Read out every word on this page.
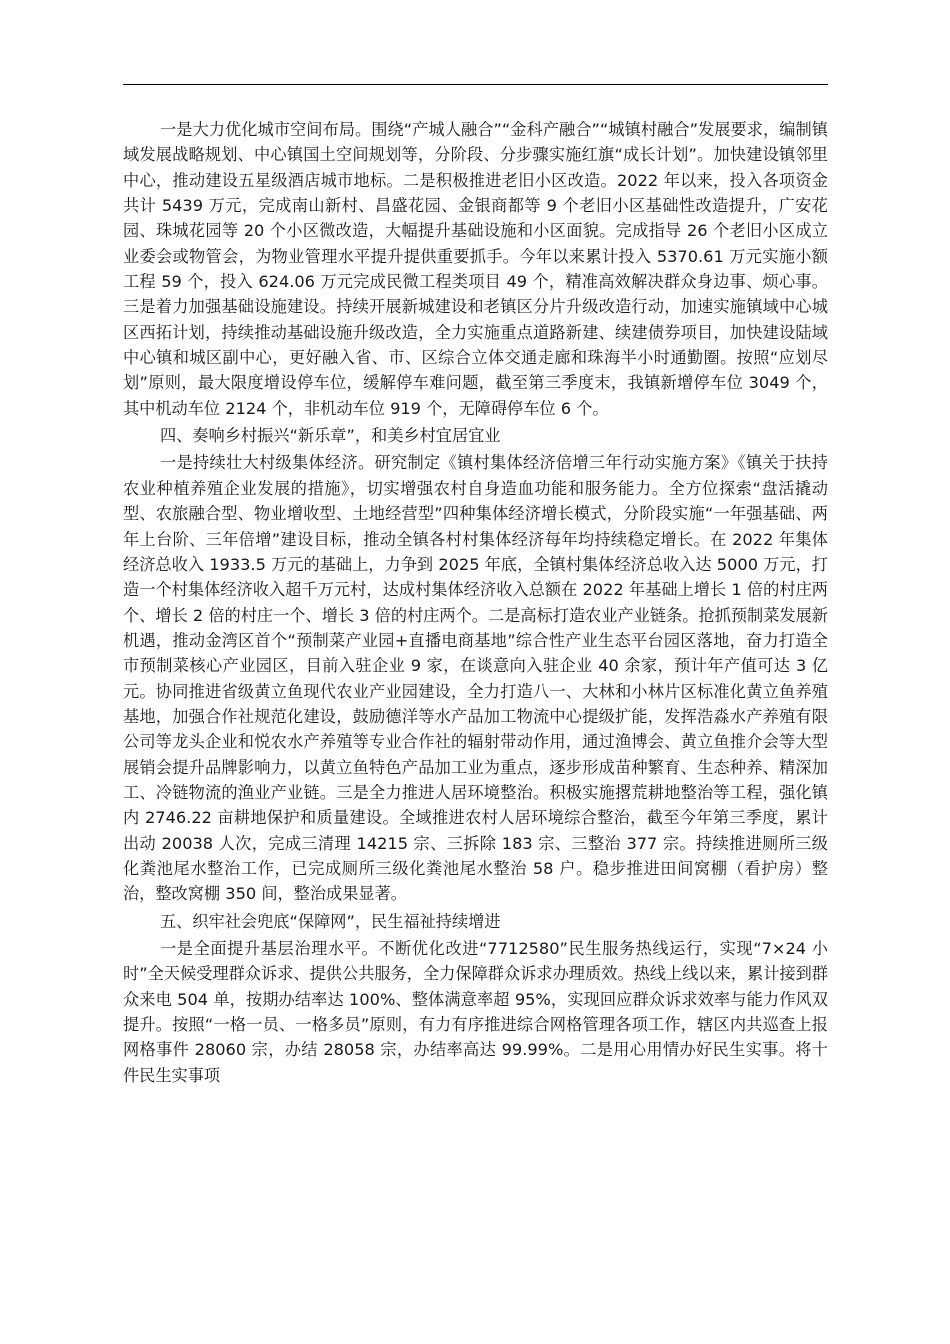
一是大力优化城市空间布局。围绕“产城人融合”“金科产融合”“城镇村融合”发展要求，编制镇域发展战略规划、中心镇国土空间规划等，分阶段、分步骤实施红旗“成长计划”。加快建设镇邻里中心，推动建设五星级酒店城市地标。二是积极推进老旧小区改造。2022 年以来，投入各项资金共计 5439 万元，完成南山新村、昌盛花园、金银商都等 9 个老旧小区基础性改造提升，广安花园、珠城花园等 20 个小区微改造，大幅提升基础设施和小区面貌。完成指导 26 个老旧小区成立业委会或物管会，为物业管理水平提升提供重要抓手。今年以来累计投入 5370.61 万元实施小额工程 59 个，投入 624.06 万元完成民微工程类项目 49 个，精准高效解决群众身边事、烦心事。三是着力加强基础设施建设。持续开展新城建设和老镇区分片升级改造行动，加速实施镇域中心城区西拓计划，持续推动基础设施升级改造，全力实施重点道路新建、续建债券项目，加快建设陆域中心镇和城区副中心，更好融入省、市、区综合立体交通走廊和珠海半小时通勤圈。按照“应划尽划”原则，最大限度增设停车位，缓解停车难问题，截至第三季度末，我镇新增停车位 3049 个，其中机动车位 2124 个，非机动车位 919 个，无障碍停车位 6 个。

四、奏响乡村振兴“新乐章”，和美乡村宜居宜业

一是持续壮大村级集体经济。研究制定《镇村集体经济倍增三年行动实施方案》《镇关于扶持农业种植养殖企业发展的措施》，切实增强农村自身造血功能和服务能力。全方位探索“盘活撬动型、农旅融合型、物业增收型、土地经营型”四种集体经济增长模式，分阶段实施“一年强基础、两年上台阶、三年倍增”建设目标，推动全镇各村村集体经济每年均持续稳定增长。在 2022 年集体经济总收入 1933.5 万元的基础上，力争到 2025 年底，全镇村集体经济总收入达 5000 万元，打造一个村集体经济收入超千万元村，达成村集体经济收入总额在 2022 年基础上增长 1 倍的村庄两个、增长 2 倍的村庄一个、增长 3 倍的村庄两个。二是高标打造农业产业链条。抢抓预制菜发展新机遇，推动金湾区首个“预制菜产业园+直播电商基地”综合性产业生态平台园区落地，奋力打造全市预制菜核心产业园区，目前入驻企业 9 家，在谈意向入驻企业 40 余家，预计年产值可达 3 亿元。协同推进省级黄立鱼现代农业产业园建设，全力打造八一、大林和小林片区标准化黄立鱼养殖基地，加强合作社规范化建设，鼓励德洋等水产品加工物流中心提级扩能，发挥浩淼水产养殖有限公司等龙头企业和悦农水产养殖等专业合作社的辐射带动作用，通过渔博会、黄立鱼推介会等大型展销会提升品牌影响力，以黄立鱼特色产品加工业为重点，逐步形成苗种繁育、生态种养、精深加工、冷链物流的渔业产业链。三是全力推进人居环境整治。积极实施撂荒耕地整治等工程，强化镇内 2746.22 亩耕地保护和质量建设。全域推进农村人居环境综合整治，截至今年第三季度，累计出动 20038 人次，完成三清理 14215 宗、三拆除 183 宗、三整治 377 宗。持续推进厕所三级化粪池尾水整治工作，已完成厕所三级化粪池尾水整治 58 户。稳步推进田间窝棚（看护房）整治，整改窝棚 350 间，整治成果显著。

五、织牢社会兜底“保障网”，民生福祉持续增进

一是全面提升基层治理水平。不断优化改进“7712580”民生服务热线运行，实现“7×24 小时”全天候受理群众诉求、提供公共服务，全力保障群众诉求办理质效。热线上线以来，累计接到群众来电 504 单，按期办结率达 100%、整体满意率超 95%，实现回应群众诉求效率与能力作风双提升。按照“一格一员、一格多员”原则，有力有序推进综合网格管理各项工作，辖区内共巡查上报网格事件 28060 宗，办结 28058 宗，办结率高达 99.99%。二是用心用情办好民生实事。将十件民生实事项
